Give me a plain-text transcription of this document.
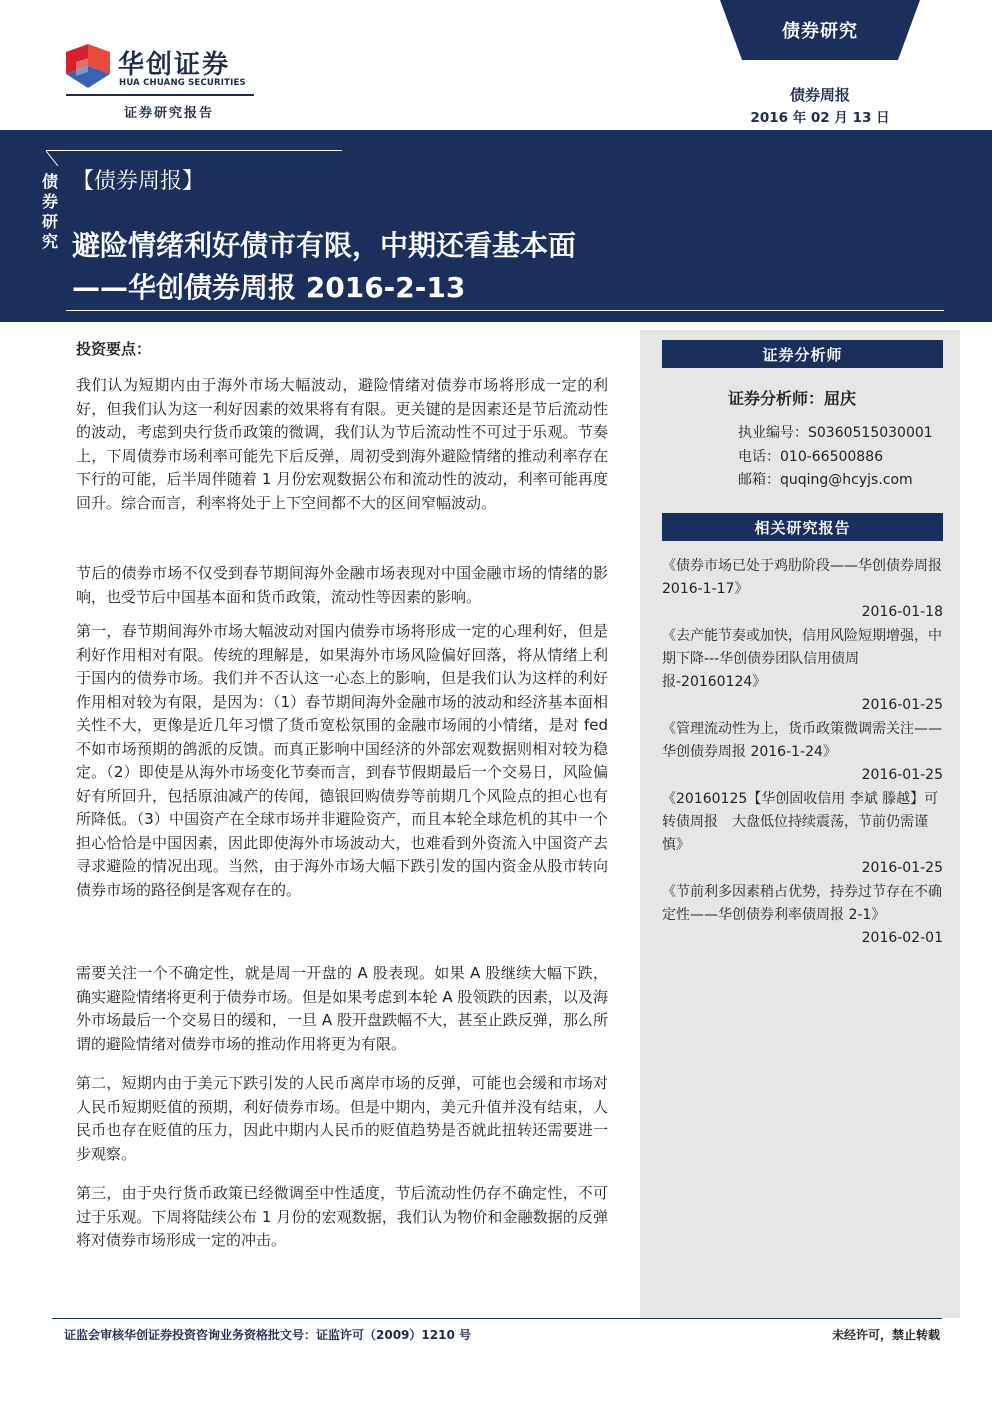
华创证券
HUA CHUANG SECURITIES
证券研究报告
债券研究
债券周报
2016 年 02 月 13 日
债
券
研
究
【债券周报】
避险情绪利好债市有限，中期还看基本面
——华创债券周报 2016-2-13
证券分析师
证券分析师：屈庆
执业编号：S0360515030001
电话：010-66500886
邮箱：quqing@hcyjs.com
相关研究报告
《债券市场已处于鸡肋阶段——华创债券周报 2016-1-17》
2016-01-18
《去产能节奏或加快，信用风险短期增强，中期下降---华创债券团队信用债周报-20160124》
2016-01-25
《管理流动性为上，货币政策微调需关注——华创债券周报 2016-1-24》
2016-01-25
《20160125【华创固收信用 李斌 滕越】可转债周报　大盘低位持续震荡，节前仍需谨慎》
2016-01-25
《节前利多因素稍占优势，持券过节存在不确定性——华创债券利率债周报 2-1》
2016-02-01
投资要点：

我们认为短期内由于海外市场大幅波动，避险情绪对债券市场将形成一定的利好，但我们认为这一利好因素的效果将有有限。更关键的是因素还是节后流动性的波动，考虑到央行货币政策的微调，我们认为节后流动性不可过于乐观。节奏上，下周债券市场利率可能先下后反弹，周初受到海外避险情绪的推动利率存在下行的可能，后半周伴随着 1 月份宏观数据公布和流动性的波动，利率可能再度回升。综合而言，利率将处于上下空间都不大的区间窄幅波动。

节后的债券市场不仅受到春节期间海外金融市场表现对中国金融市场的情绪的影响，也受节后中国基本面和货币政策，流动性等因素的影响。

第一，春节期间海外市场大幅波动对国内债券市场将形成一定的心理利好，但是利好作用相对有限。传统的理解是，如果海外市场风险偏好回落，将从情绪上利于国内的债券市场。我们并不否认这一心态上的影响，但是我们认为这样的利好作用相对较为有限，是因为：（1）春节期间海外金融市场的波动和经济基本面相关性不大，更像是近几年习惯了货币宽松氛围的金融市场闹的小情绪，是对 fed 不如市场预期的鸽派的反馈。而真正影响中国经济的外部宏观数据则相对较为稳定。（2）即使是从海外市场变化节奏而言，到春节假期最后一个交易日，风险偏好有所回升，包括原油减产的传闻，德银回购债券等前期几个风险点的担心也有所降低。（3）中国资产在全球市场并非避险资产，而且本轮全球危机的其中一个担心恰恰是中国因素，因此即使海外市场波动大，也难看到外资流入中国资产去寻求避险的情况出现。当然，由于海外市场大幅下跌引发的国内资金从股市转向债券市场的路径倒是客观存在的。

需要关注一个不确定性，就是周一开盘的 A 股表现。如果 A 股继续大幅下跌，确实避险情绪将更利于债券市场。但是如果考虑到本轮 A 股领跌的因素，以及海外市场最后一个交易日的缓和，一旦 A 股开盘跌幅不大，甚至止跌反弹，那么所谓的避险情绪对债券市场的推动作用将更为有限。

第二，短期内由于美元下跌引发的人民币离岸市场的反弹，可能也会缓和市场对人民币短期贬值的预期，利好债券市场。但是中期内，美元升值并没有结束，人民币也存在贬值的压力，因此中期内人民币的贬值趋势是否就此扭转还需要进一步观察。

第三，由于央行货币政策已经微调至中性适度，节后流动性仍存不确定性，不可过于乐观。下周将陆续公布 1 月份的宏观数据，我们认为物价和金融数据的反弹将对债券市场形成一定的冲击。

证监会审核华创证券投资咨询业务资格批文号：证监许可（2009）1210 号	未经许可，禁止转载
